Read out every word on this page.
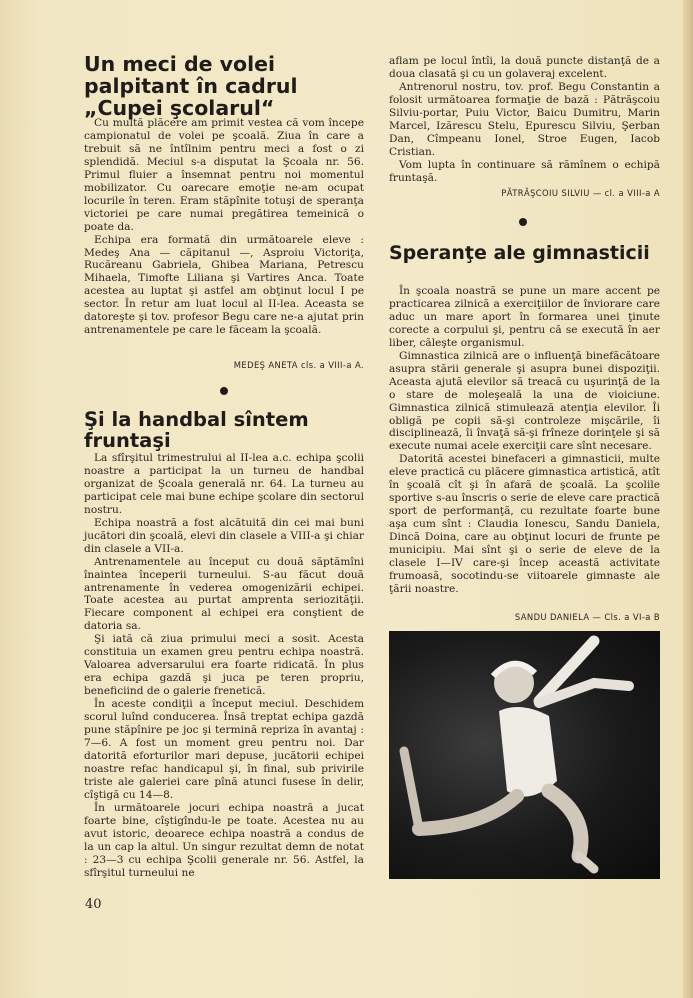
Un meci de volei palpitant în cadrul „Cupei şcolarul“

Cu multă plăcere am primit vestea că vom începe campionatul de volei pe şcoală. Ziua în care a trebuit să ne întîlnim pentru meci a fost o zi splendidă. Meciul s-a disputat la Şcoala nr. 56. Primul fluier a însemnat pentru noi momentul mobilizator. Cu oarecare emoţie ne-am ocupat locurile în teren. Eram stăpînite totuşi de speranţa victoriei pe care numai pregătirea temeinică o poate da.

Echipa era formată din următoarele eleve : Medeş Ana — căpitanul —, Asproiu Victoriţa, Rucăreanu Gabriela, Ghibea Mariana, Petrescu Mihaela, Timofte Liliana şi Vartires Anca. Toate acestea au luptat şi astfel am obţinut locul I pe sector. În retur am luat locul al II-lea. Aceasta se datoreşte şi tov. profesor Begu care ne-a ajutat prin antrenamentele pe care le făceam la şcoală.

MEDEŞ ANETA cls. a VIII-a A.
Şi la handbal sîntem fruntaşi

La sfîrşitul trimestrului al II-lea a.c. echipa şcolii noastre a participat la un turneu de handbal organizat de Şcoala generală nr. 64. La turneu au participat cele mai bune echipe şcolare din sectorul nostru.

Echipa noastră a fost alcătuită din cei mai buni jucători din şcoală, elevi din clasele a VIII-a şi chiar din clasele a VII-a.

Antrenamentele au început cu două săptămîni înaintea începerii turneului. S-au făcut două antrenamente în vederea omogenizării echipei. Toate acestea au purtat amprenta seriozităţii. Fiecare component al echipei era conştient de datoria sa.

Şi iată că ziua primului meci a sosit. Acesta constituia un examen greu pentru echipa noastră. Valoarea adversarului era foarte ridicată. În plus era echipa gazdă şi juca pe teren propriu, beneficiind de o galerie frenetică.

În aceste condiţii a început meciul. Deschidem scorul luînd conducerea. Însă treptat echipa gazdă pune stăpînire pe joc şi termină repriza în avantaj : 7—6. A fost un moment greu pentru noi. Dar datorită eforturilor mari depuse, jucătorii echipei noastre refac handicapul şi, în final, sub privirile triste ale galeriei care pînă atunci fusese în delir, cîştigă cu 14—8.

În următoarele jocuri echipa noastră a jucat foarte bine, cîştigîndu-le pe toate. Acestea nu au avut istoric, deoarece echipa noastră a condus de la un cap la altul. Un singur rezultat demn de notat : 23—3 cu echipa Şcolii generale nr. 56. Astfel, la sfîrşitul turneului ne

aflam pe locul întîi, la două puncte distanţă de a doua clasată şi cu un golaveraj excelent.

Antrenorul nostru, tov. prof. Begu Constantin a folosit următoarea formaţie de bază : Pătrăşcoiu Silviu-portar, Puiu Victor, Baicu Dumitru, Marin Marcel, Izărescu Stelu, Epurescu Silviu, Şerban Dan, Cîmpeanu Ionel, Stroe Eugen, Iacob Cristian.

Vom lupta în continuare să rămînem o echipă fruntaşă.

PĂTRĂŞCOIU SILVIU — cl. a VIII-a A
Speranţe ale gimnasticii

În şcoala noastră se pune un mare accent pe practicarea zilnică a exerciţiilor de înviorare care aduc un mare aport în formarea unei ţinute corecte a corpului şi, pentru că se execută în aer liber, căleşte organismul.

Gimnastica zilnică are o influenţă binefăcătoare asupra stării generale şi asupra bunei dispoziţii. Aceasta ajută elevilor să treacă cu uşurinţă de la o stare de moleşeală la una de vioiciune. Gimnastica zilnică stimulează atenţia elevilor. Îi obligă pe copii să-şi controleze mişcările, îi disciplinează, îi învaţă să-şi frîneze dorinţele şi să execute numai acele exerciţii care sînt necesare.

Datorită acestei binefaceri a gimnasticii, multe eleve practică cu plăcere gimnastica artistică, atît în şcoală cît şi în afară de şcoală. La şcolile sportive s-au înscris o serie de eleve care practică sport de performanţă, cu rezultate foarte bune aşa cum sînt : Claudia Ionescu, Sandu Daniela, Dincă Doina, care au obţinut locuri de frunte pe municipiu. Mai sînt şi o serie de eleve de la clasele I—IV care-şi încep această activitate frumoasă, socotindu-se viitoarele gimnaste ale ţării noastre.

SANDU DANIELA — Cls. a VI-a B
40
